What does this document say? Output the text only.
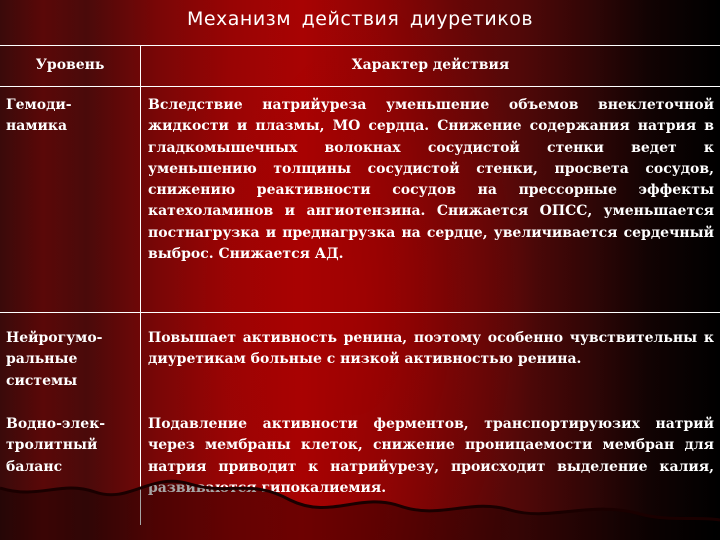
Механизм действия диуретиков
Уровень	Характер действия
Гемоди-
намика
Вследствие натрийуреза уменьшение объемов внеклеточной жидкости и плазмы, МО сердца. Снижение содержания натрия в гладкомышечных волокнах сосудистой стенки ведет к уменьшению толщины сосудистой стенки, просвета сосудов, снижению реактивности сосудов на прессорные эффекты катехоламинов и ангиотензина. Снижается ОПСС, уменьшается постнагрузка и преднагрузка на сердце, увеличивается сердечный выброс. Снижается АД.
Нейрогумо-
ральные
системы
Повышает активность ренина, поэтому особенно чувствительны к диуретикам больные с низкой активностью ренина.
Водно-элек-
тролитный
баланс
Подавление активности ферментов, транспортируюзих натрий через мембраны клеток, снижение проницаемости мембран для натрия приводит к натрийурезу, происходит выделение калия, развиваются гипокалиемия.
